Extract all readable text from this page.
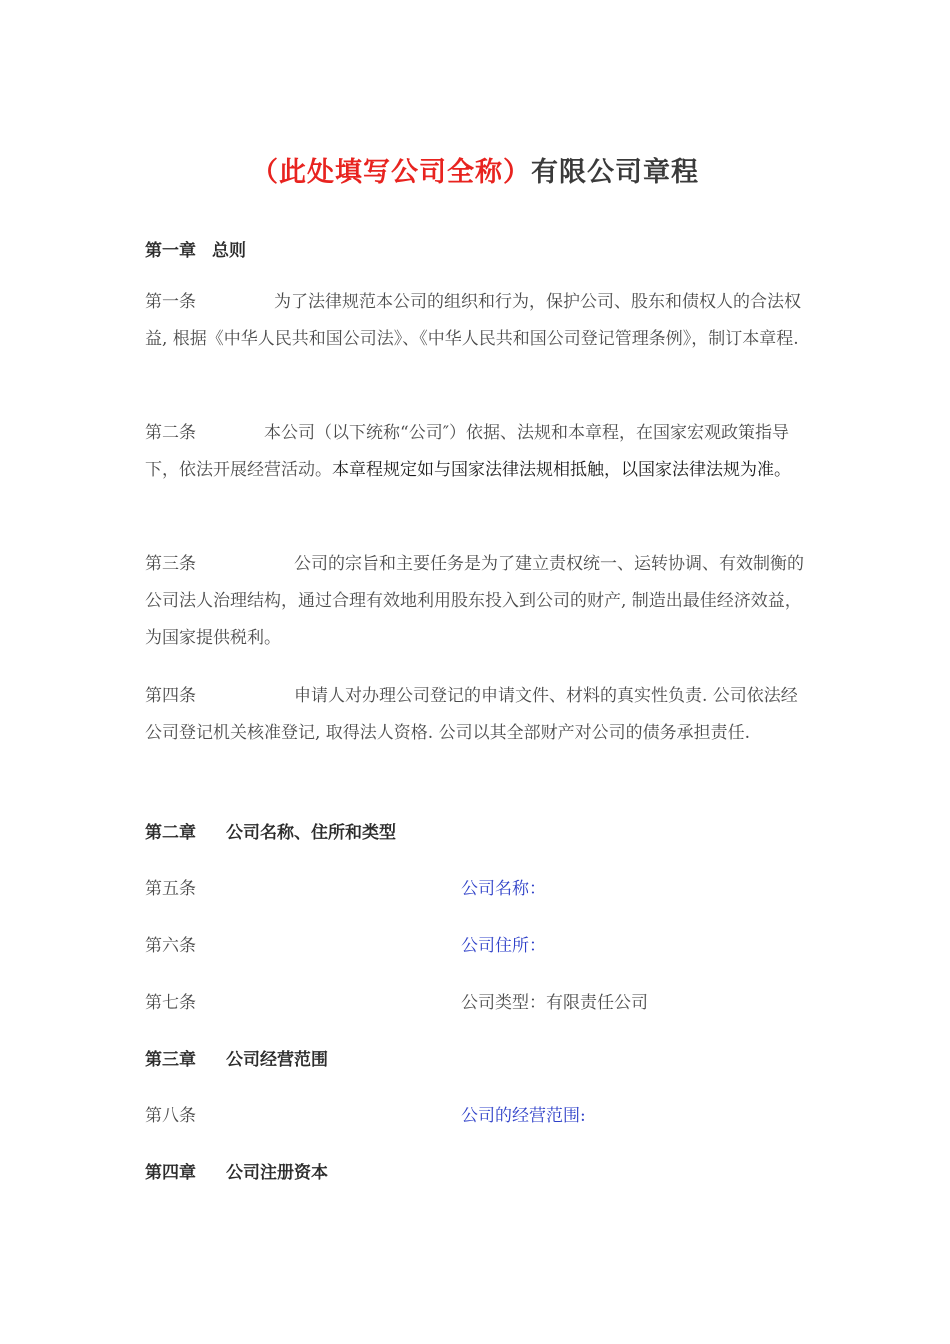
（此处填写公司全称）有限公司章程
第一章 总则
第一条	为了法律规范本公司的组织和行为，保护公司、股东和债权人的合法权益, 根据《中华人民共和国公司法》、《中华人民共和国公司登记管理条例》，制订本章程.
第二条	本公司（以下统称“公司″）依据、法规和本章程，在国家宏观政策指导下，依法开展经营活动。本章程规定如与国家法律法规相抵触，以国家法律法规为准。
第三条	公司的宗旨和主要任务是为了建立责权统一、运转协调、有效制衡的公司法人治理结构，通过合理有效地利用股东投入到公司的财产, 制造出最佳经济效益，为国家提供税利。
第四条	申请人对办理公司登记的申请文件、材料的真实性负责. 公司依法经公司登记机关核准登记, 取得法人资格. 公司以其全部财产对公司的债务承担责任.
第二章 公司名称、住所和类型
第五条	公司名称：
第六条	公司住所：
第七条	公司类型：有限责任公司
第三章 公司经营范围
第八条	公司的经营范围:
第四章 公司注册资本
